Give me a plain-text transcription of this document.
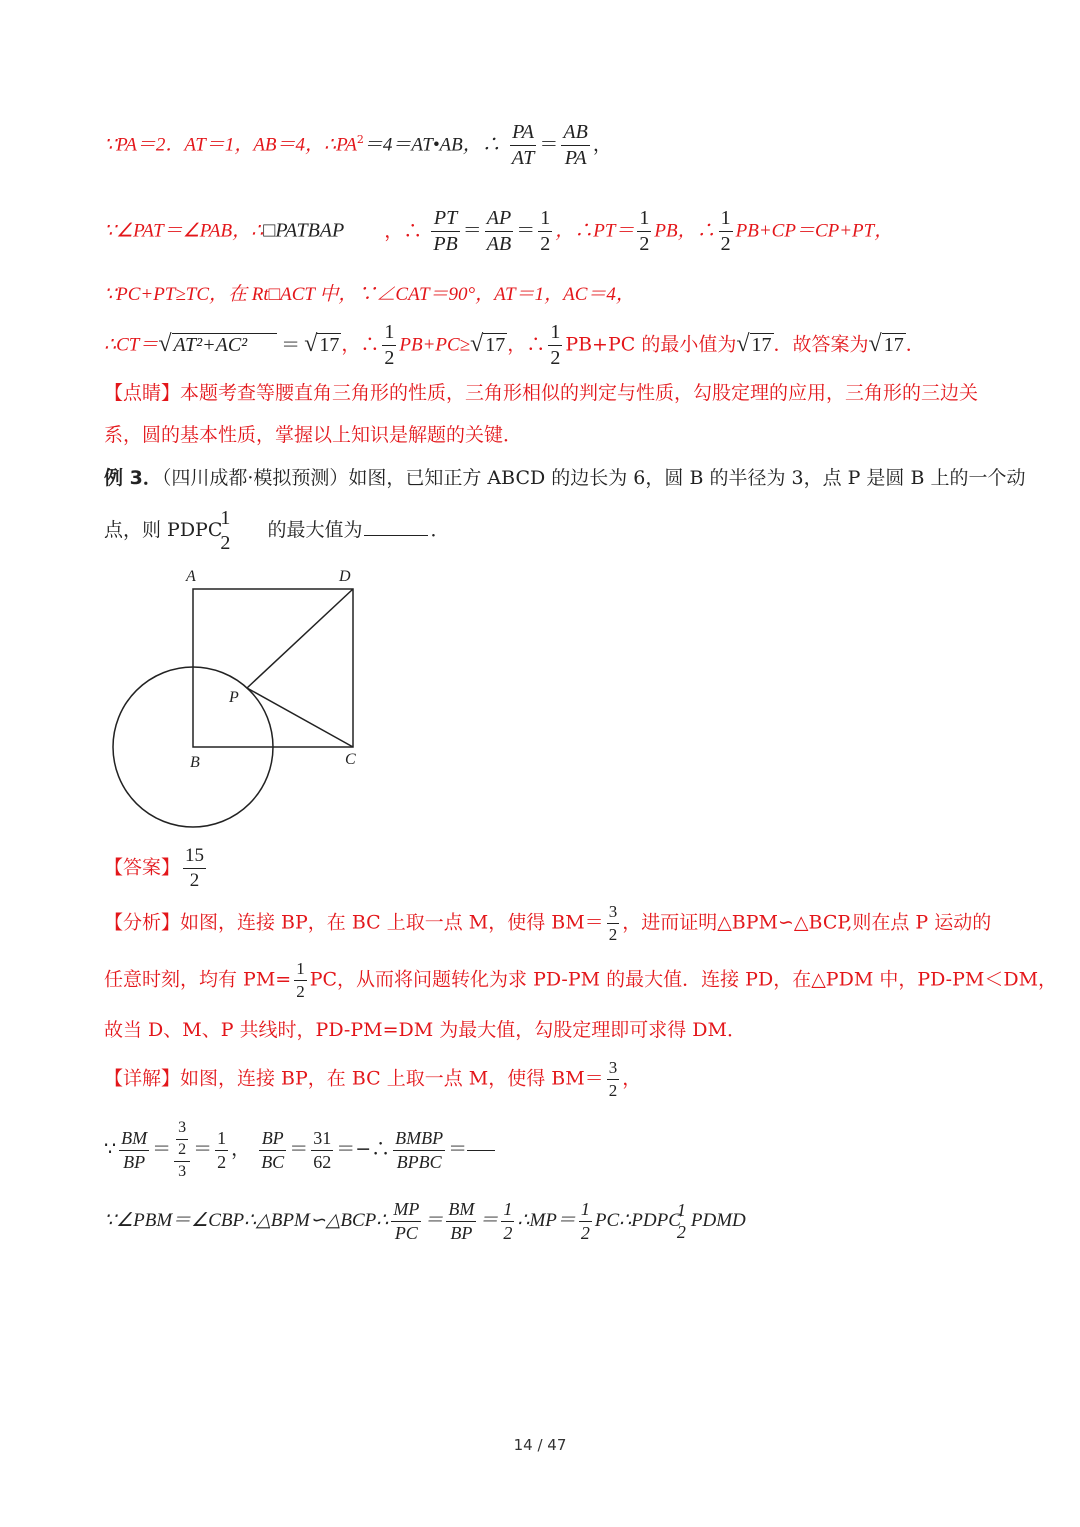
∵PA＝2．AT＝1，AB＝4，$\therefore PA^2=4=AT•AB$，∴ $\frac{PA}{AT} = \frac{AB}{PA}$ ，
∵∠PAT＝∠PAB，∴□PATBAP ，∴ $\frac{PT}{PB} = \frac{AP}{AB} = \frac{1}{2}$ ，∴PT＝ $\frac{1}{2}$ PB，∴ $\frac{1}{2} PB+CP=CP+PT$，
∵PC+PT≥TC，在 Rt□ACT 中，∵∠CAT＝90°，AT＝1，AC＝4，
∴CT＝√ AT²+AC² ＝ √ 17 ，∴ $\frac{1}{2} PB+PC\ge√$ 17 ，∴ $\frac{1}{2} PB+PC$ 的最小值为√ 17 ．故答案为√ 17 ．
【点睛】本题考查等腰直角三角形的性质，三角形相似的判定与性质，勾股定理的应用，三角形的三边关
系，圆的基本性质，掌握以上知识是解题的关键．
例 3．（四川成都·模拟预测）如图，已知正方 ABCD 的边长为 6，圆 B 的半径为 3，点 P 是圆 B 上的一个动
点，则 PDPC
1
2
的最大值为	．
A	D
B	C
P
【答案】 $\frac{15}{2}$
【分析】如图，连接 BP，在 BC 上取一点 M，使得 $BM= \frac{3}{2}$ ，进而证明△BPM∽△BCP,则在点 P 运动的
任意时刻，均有 $PM= \frac{1}{2}$ PC，从而将问题转化为求 PD-PM 的最大值．连接 PD，在△PDM 中，PD-PM＜DM，
故当 D、M、P 共线时，PD-PM=DM 为最大值，勾股定理即可求得 DM．
【详解】如图，连接 BP，在 BC 上取一点 M，使得 $BM= \frac{3}{2}$ ，
∵ $\frac{BM}{BP} = \frac{\frac{3}{2}}{3} = \frac{1}{2}$ ， $\frac{BP}{BC} = \frac{31}{62}$ ＝−∴ $\frac{\text{BMBP}}{\text{BPBC}}$ ＝
∵∠PBM＝∠CBP∴△BPM∽△BCP∴ $\frac{MP}{PC} = \frac{BM}{BP} = \frac{1}{2}$ ∴MP＝ $\frac{1}{2}$ PC∴PDPC
1
2
PDMD
14 / 47
